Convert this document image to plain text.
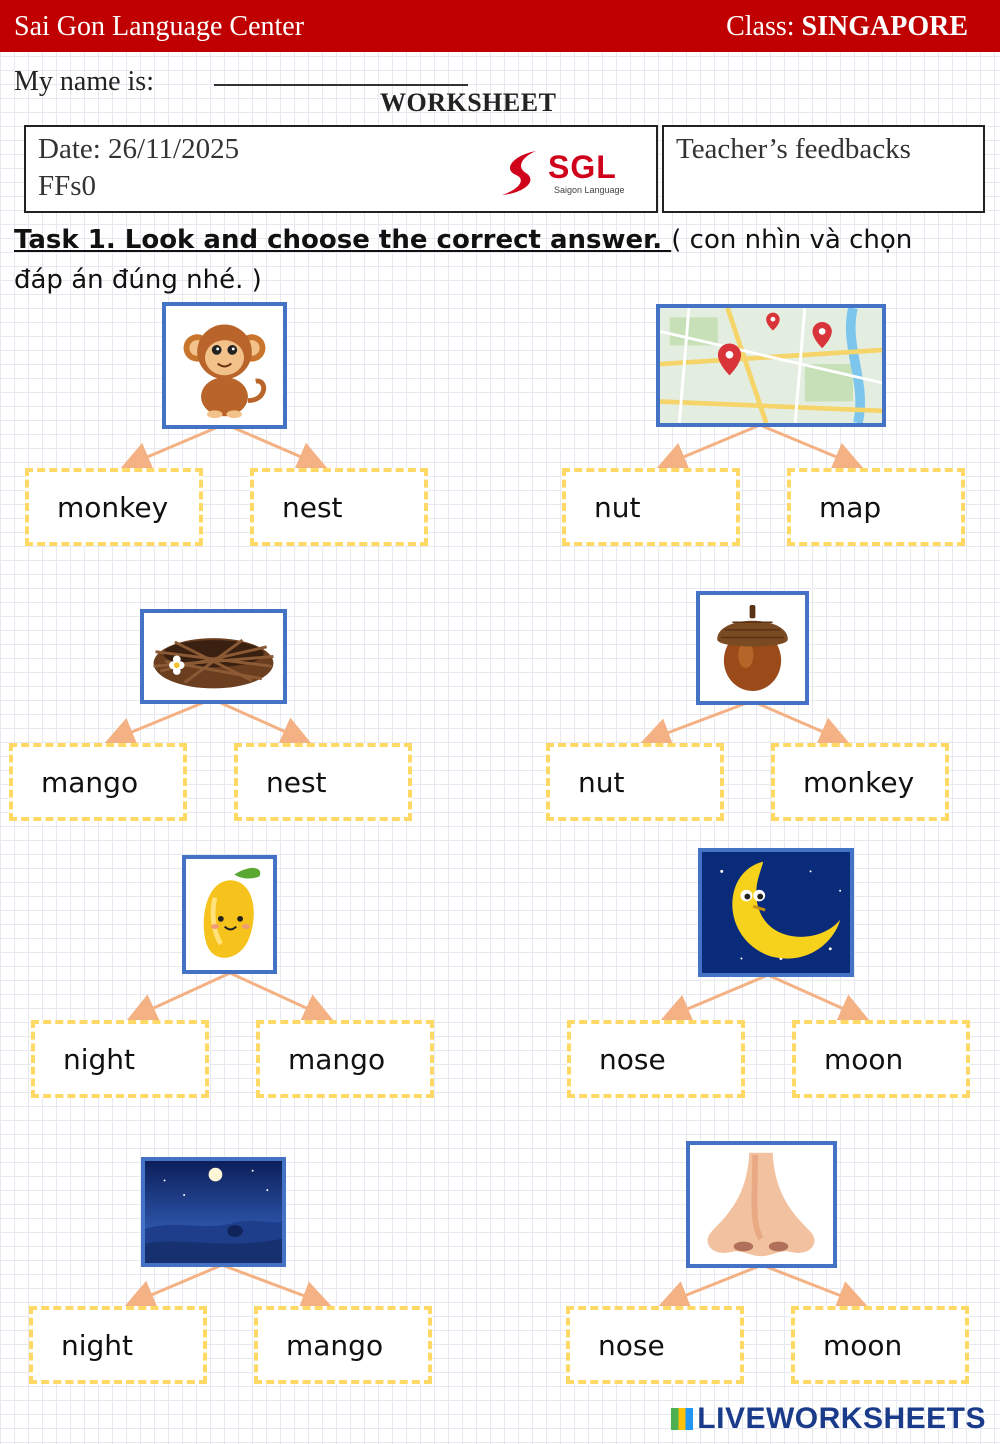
Sai Gon Language Center	Class: SINGAPORE
My name is:
WORKSHEET
Date: 26/11/2025
FFs0
SGL
Saigon Language
Teacher’s feedbacks
Task 1. Look and choose the correct answer. ( con nhìn và chọn
đáp án đúng nhé. )
monkey	nest	nut	map
mango	nest	nut	monkey
night	mango	nose	moon
night	mango	nose	moon
LIVEWORKSHEETS
